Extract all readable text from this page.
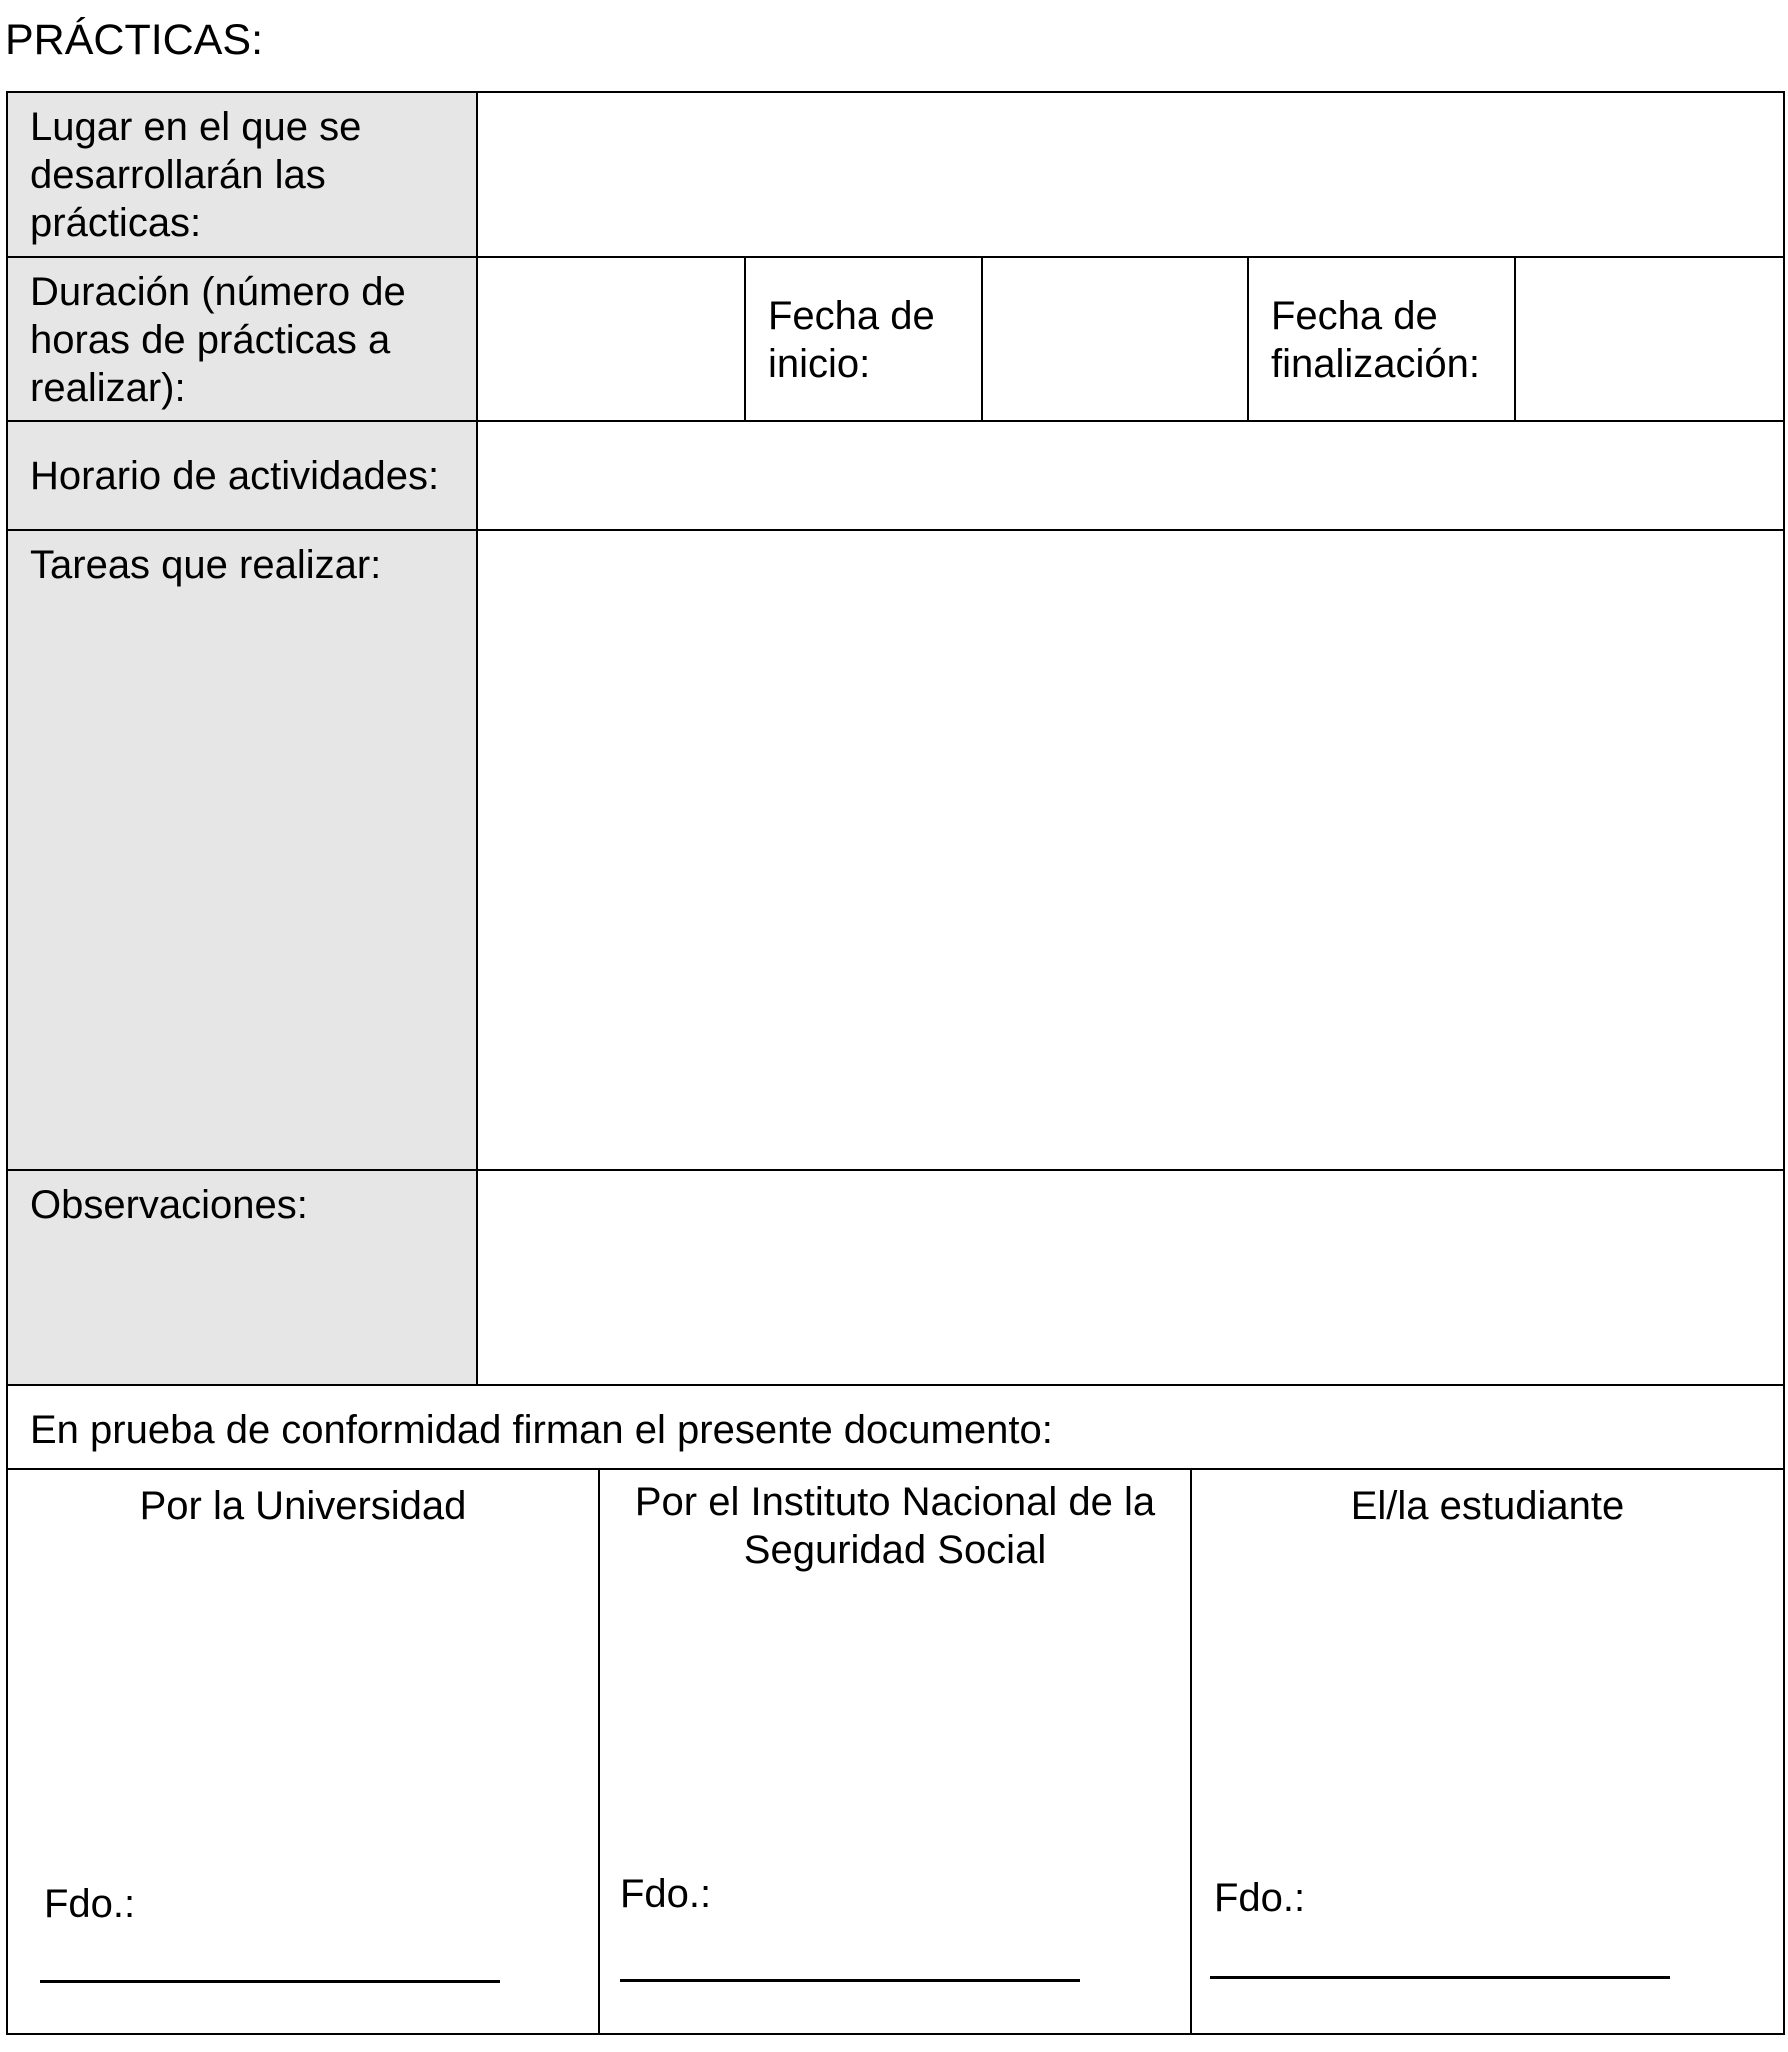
PRÁCTICAS:
Lugar en el que se desarrollarán las prácticas:
Duración (número de horas de prácticas a realizar):
Fecha de inicio:
Fecha de finalización:
Horario de actividades:
Tareas que realizar:
Observaciones:
En prueba de conformidad firman el presente documento:
Por la Universidad
Fdo.:
Por el Instituto Nacional de la Seguridad Social
Fdo.:
El/la estudiante
Fdo.:
